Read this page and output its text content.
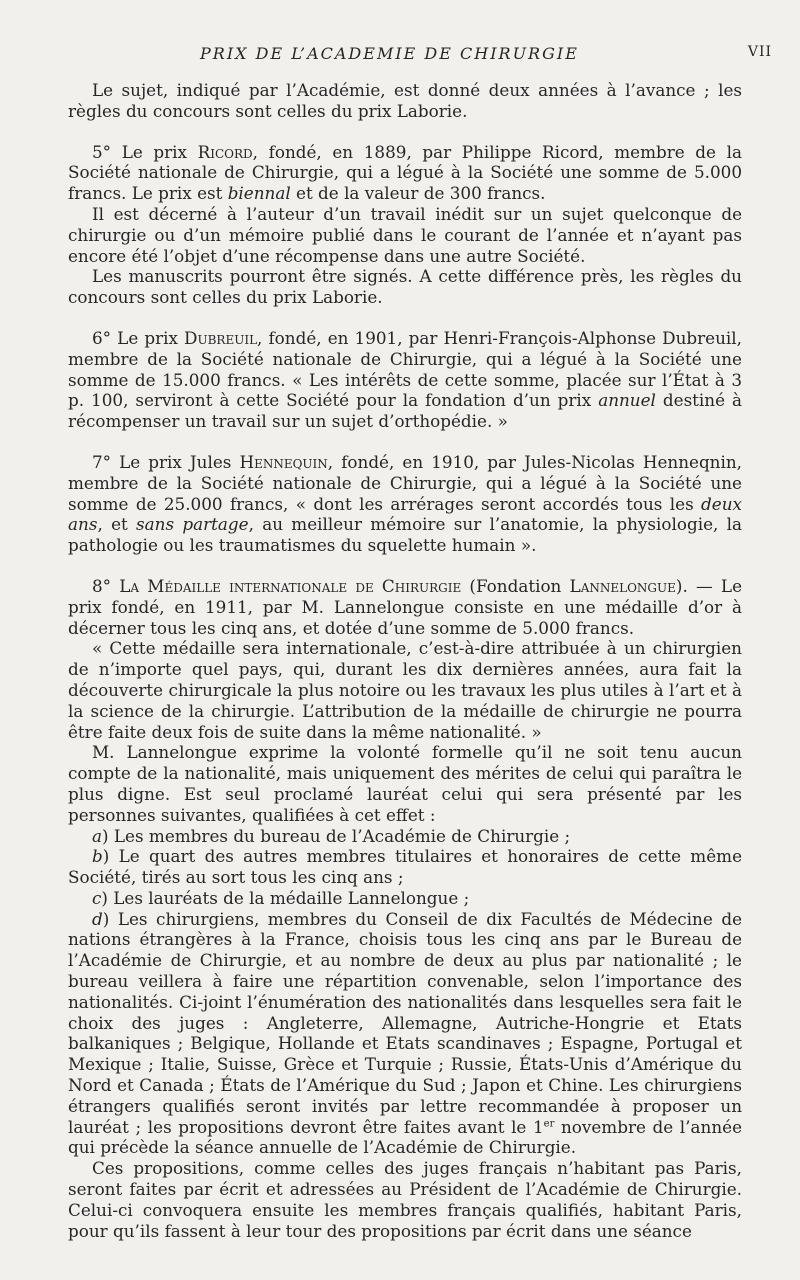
PRIX DE L’ACADEMIE DE CHIRURGIE	VII

Le sujet, indiqué par l’Académie, est donné deux années à l’avance ; les règles du concours sont celles du prix Laborie.

5° Le prix Ricord, fondé, en 1889, par Philippe Ricord, membre de la Société nationale de Chirurgie, qui a légué à la Société une somme de 5.000 francs. Le prix est biennal et de la valeur de 300 francs.

Il est décerné à l’auteur d’un travail inédit sur un sujet quelconque de chirurgie ou d’un mémoire publié dans le courant de l’année et n’ayant pas encore été l’objet d’une récompense dans une autre Société.

Les manuscrits pourront être signés. A cette différence près, les règles du concours sont celles du prix Laborie.

6° Le prix Dubreuil, fondé, en 1901, par Henri-François-Alphonse Dubreuil, membre de la Société nationale de Chirurgie, qui a légué à la Société une somme de 15.000 francs. « Les intérêts de cette somme, placée sur l’État à 3 p. 100, serviront à cette Société pour la fondation d’un prix annuel destiné à récompenser un travail sur un sujet d’orthopédie. »

7° Le prix Jules Hennequin, fondé, en 1910, par Jules-Nicolas Henneqnin, membre de la Société nationale de Chirurgie, qui a légué à la Société une somme de 25.000 francs, « dont les arrérages seront accordés tous les deux ans, et sans partage, au meilleur mémoire sur l’anatomie, la physiologie, la pathologie ou les traumatismes du squelette humain ».

8° La Médaille internationale de Chirurgie (Fondation Lannelongue). — Le prix fondé, en 1911, par M. Lannelongue consiste en une médaille d’or à décerner tous les cinq ans, et dotée d’une somme de 5.000 francs.

« Cette médaille sera internationale, c’est-à-dire attribuée à un chirurgien de n’importe quel pays, qui, durant les dix dernières années, aura fait la découverte chirurgicale la plus notoire ou les travaux les plus utiles à l’art et à la science de la chirurgie. L’attribution de la médaille de chirurgie ne pourra être faite deux fois de suite dans la même nationalité. »

M. Lannelongue exprime la volonté formelle qu’il ne soit tenu aucun compte de la nationalité, mais uniquement des mérites de celui qui paraîtra le plus digne. Est seul proclamé lauréat celui qui sera présenté par les personnes suivantes, qualifiées à cet effet :

a) Les membres du bureau de l’Académie de Chirurgie ;

b) Le quart des autres membres titulaires et honoraires de cette même Société, tirés au sort tous les cinq ans ;

c) Les lauréats de la médaille Lannelongue ;

d) Les chirurgiens, membres du Conseil de dix Facultés de Médecine de nations étrangères à la France, choisis tous les cinq ans par le Bureau de l’Académie de Chirurgie, et au nombre de deux au plus par nationalité ; le bureau veillera à faire une répartition convenable, selon l’importance des nationalités. Ci-joint l’énumération des nationalités dans lesquelles sera fait le choix des juges : Angleterre, Allemagne, Autriche-Hongrie et Etats balkaniques ; Belgique, Hollande et Etats scandinaves ; Espagne, Portugal et Mexique ; Italie, Suisse, Grèce et Turquie ; Russie, États-Unis d’Amérique du Nord et Canada ; États de l’Amérique du Sud ; Japon et Chine. Les chirurgiens étrangers qualifiés seront invités par lettre recommandée à proposer un lauréat ; les propositions devront être faites avant le 1er novembre de l’année qui précède la séance annuelle de l’Académie de Chirurgie.

Ces propositions, comme celles des juges français n’habitant pas Paris, seront faites par écrit et adressées au Président de l’Académie de Chirurgie. Celui-ci convoquera ensuite les membres français qualifiés, habitant Paris, pour qu’ils fassent à leur tour des propositions par écrit dans une séance
